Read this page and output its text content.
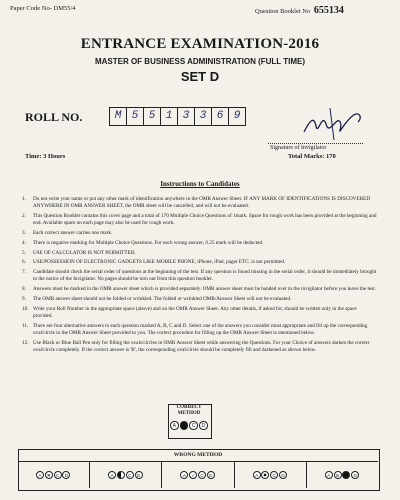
Paper Code No- DM55/4	Question Booklet No 655134
ENTRANCE EXAMINATION-2016
MASTER OF BUSINESS ADMINISTRATION (FULL TIME)
SET D
ROLL NO.	M 5 5 1 3 3 6 9
Signature of Invigilator
Time: 3 Hours	Total Marks: 170
Instructions to Candidates
1.	Do not write your name or put any other mark of identification anywhere in the OMR Answer Sheet. IF ANY MARK OF IDENTIFICATIONS IS DISCOVERED ANYWHERE IN OMR ANSWER SHEET, the OMR sheet will be cancelled, and will not be evaluated.
2.	This Question Booklet contains this cover page and a total of 170 Multiple Choice Questions of 1mark. Space for rough work has been provided at the beginning and end. Available space on each page may also be used for rough work.
3.	Each correct answer carries one mark.
4.	There is negative marking for Multiple Choice Questions. For each wrong answer, 0.25 mark will be deducted.
5.	USE OF CALCULATOR IS NOT PERMITTED.
6.	USE/POSSESSION OF ELECTRONIC GADGETS LIKE MOBILE PHONE, iPhone, iPad, pager ETC. is not permitted.
7.	Candidate should check the serial order of questions at the beginning of the test. If any question is found missing in the serial order, it should be immediately brought to the notice of the Invigilator. No pages should be torn out from this question booklet.
8.	Answers must be marked in the OMR answer sheet which is provided separately. OMR answer sheet must be handed over to the invigilator before you leave the test.
9.	The OMR answer sheet should not be folded or wrinkled. The folded or wrinkled OMR/Answer Sheet will not be evaluated.
10. Write your Roll Number in the appropriate space (above) and on the OMR Answer Sheet. Any other details, if asked for, should be written only in the space provided.
11. There are four alternative answers to each question marked A, B, C and D. Select one of the answers you consider most appropriate and fill up the corresponding oval/circle in the OMR Answer Sheet provided to you. The correct procedure for filling up the OMR Answer Sheet is mentioned below.
12. Use Black or Blue Ball Pen only for filling the ovals/circles in OMR Answer Sheet while answering the Questions. For your Choice of answers darken the correct oval/circle completely. If the correct answer is 'B', the corresponding oval/circle should be completely fill and darkened as shown below.
CORRECT
METHOD
A	B	C	D
WRONG METHOD
A	✕	C	D	A	C	D	A	✓	C	D	A	C	D	A	B	D
